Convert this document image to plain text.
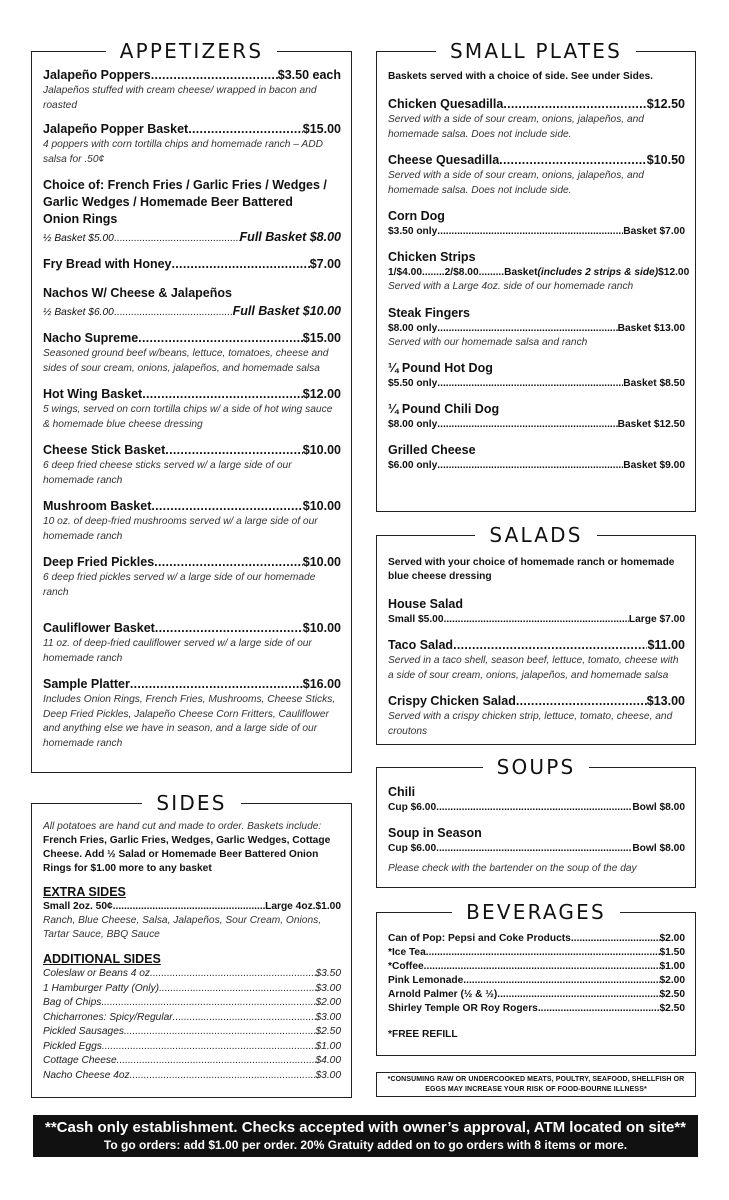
APPETIZERS
Jalapeño Poppers .....	$3.50 each
Jalapeños stuffed with cream cheese/ wrapped in bacon and roasted
Jalapeño Popper Basket .....	$15.00
4 poppers with corn tortilla chips and homemade ranch – ADD salsa for .50¢
Choice of: French Fries / Garlic Fries / Wedges /
Garlic Wedges / Homemade Beer Battered
Onion Rings
½ Basket $5.00 .....	Full Basket $8.00
Fry Bread with Honey .....	$7.00
Nachos W/ Cheese & Jalapeños
½ Basket $6.00 .....	Full Basket $10.00
Nacho Supreme .....	$15.00
Seasoned ground beef w/beans, lettuce, tomatoes, cheese and sides of sour cream, onions, jalapeños, and homemade salsa
Hot Wing Basket .....	$12.00
5 wings, served on corn tortilla chips w/ a side of hot wing sauce & homemade blue cheese dressing
Cheese Stick Basket .....	$10.00
6 deep fried cheese sticks served w/ a large side of our homemade ranch
Mushroom Basket .....	$10.00
10 oz. of deep-fried mushrooms served w/ a large side of our homemade ranch
Deep Fried Pickles .....	$10.00
6 deep fried pickles served w/ a large side of our homemade ranch
Cauliflower Basket .....	$10.00
11 oz. of deep-fried cauliflower served w/ a large side of our homemade ranch
Sample Platter .....	$16.00
Includes Onion Rings, French Fries, Mushrooms, Cheese Sticks, Deep Fried Pickles, Jalapeño Cheese Corn Fritters, Cauliflower and anything else we have in season, and a large side of our homemade ranch
SIDES
All potatoes are hand cut and made to order. Baskets include:
French Fries, Garlic Fries, Wedges, Garlic Wedges, Cottage Cheese. Add ½ Salad or Homemade Beer Battered Onion Rings for $1.00 more to any basket
EXTRA SIDES
Small 2oz. 50¢ .....	Large 4oz.$1.00
Ranch, Blue Cheese, Salsa, Jalapeños, Sour Cream, Onions, Tartar Sauce, BBQ Sauce
ADDITIONAL SIDES
Coleslaw or Beans 4 oz .....	$3.50
1 Hamburger Patty (Only) .....	$3.00
Bag of Chips .....	$2.00
Chicharrones: Spicy/Regular .....	$3.00
Pickled Sausages .....	$2.50
Pickled Eggs .....	$1.00
Cottage Cheese .....	$4.00
Nacho Cheese 4oz .....	$3.00
SMALL PLATES
Baskets served with a choice of side. See under Sides.
Chicken Quesadilla .....	$12.50
Served with a side of sour cream, onions, jalapeños, and homemade salsa. Does not include side.
Cheese Quesadilla .....	$10.50
Served with a side of sour cream, onions, jalapeños, and homemade salsa. Does not include side.
Corn Dog
$3.50 only .....	Basket $7.00
Chicken Strips
1/$4.00........2/$8.00.........Basket (includes 2 strips & side) $12.00
Served with a Large 4oz. side of our homemade ranch
Steak Fingers
$8.00 only .....	Basket $13.00
Served with our homemade salsa and ranch
¼ Pound Hot Dog
$5.50 only .....	Basket $8.50
¼ Pound Chili Dog
$8.00 only .....	Basket $12.50
Grilled Cheese
$6.00 only .....	Basket $9.00
SALADS
Served with your choice of homemade ranch or homemade blue cheese dressing
House Salad
Small $5.00 .....	Large $7.00
Taco Salad .....	$11.00
Served in a taco shell, season beef, lettuce, tomato, cheese with a side of sour cream, onions, jalapeños, and homemade salsa
Crispy Chicken Salad .....	$13.00
Served with a crispy chicken strip, lettuce, tomato, cheese, and croutons
SOUPS
Chili
Cup $6.00 .....	Bowl $8.00
Soup in Season
Cup $6.00 .....	Bowl $8.00
Please check with the bartender on the soup of the day
BEVERAGES
Can of Pop: Pepsi and Coke Products .....	$2.00
*Ice Tea .....	$1.50
*Coffee .....	$1.00
Pink Lemonade .....	$2.00
Arnold Palmer (½ & ½) .....	$2.50
Shirley Temple OR Roy Rogers .....	$2.50
*FREE REFILL
*CONSUMING RAW OR UNDERCOOKED MEATS, POULTRY, SEAFOOD, SHELLFISH OR
EGGS MAY INCREASE YOUR RISK OF FOOD-BOURNE ILLNESS*
**Cash only establishment. Checks accepted with owner’s approval, ATM located on site**
To go orders: add $1.00 per order. 20% Gratuity added on to go orders with 8 items or more.
